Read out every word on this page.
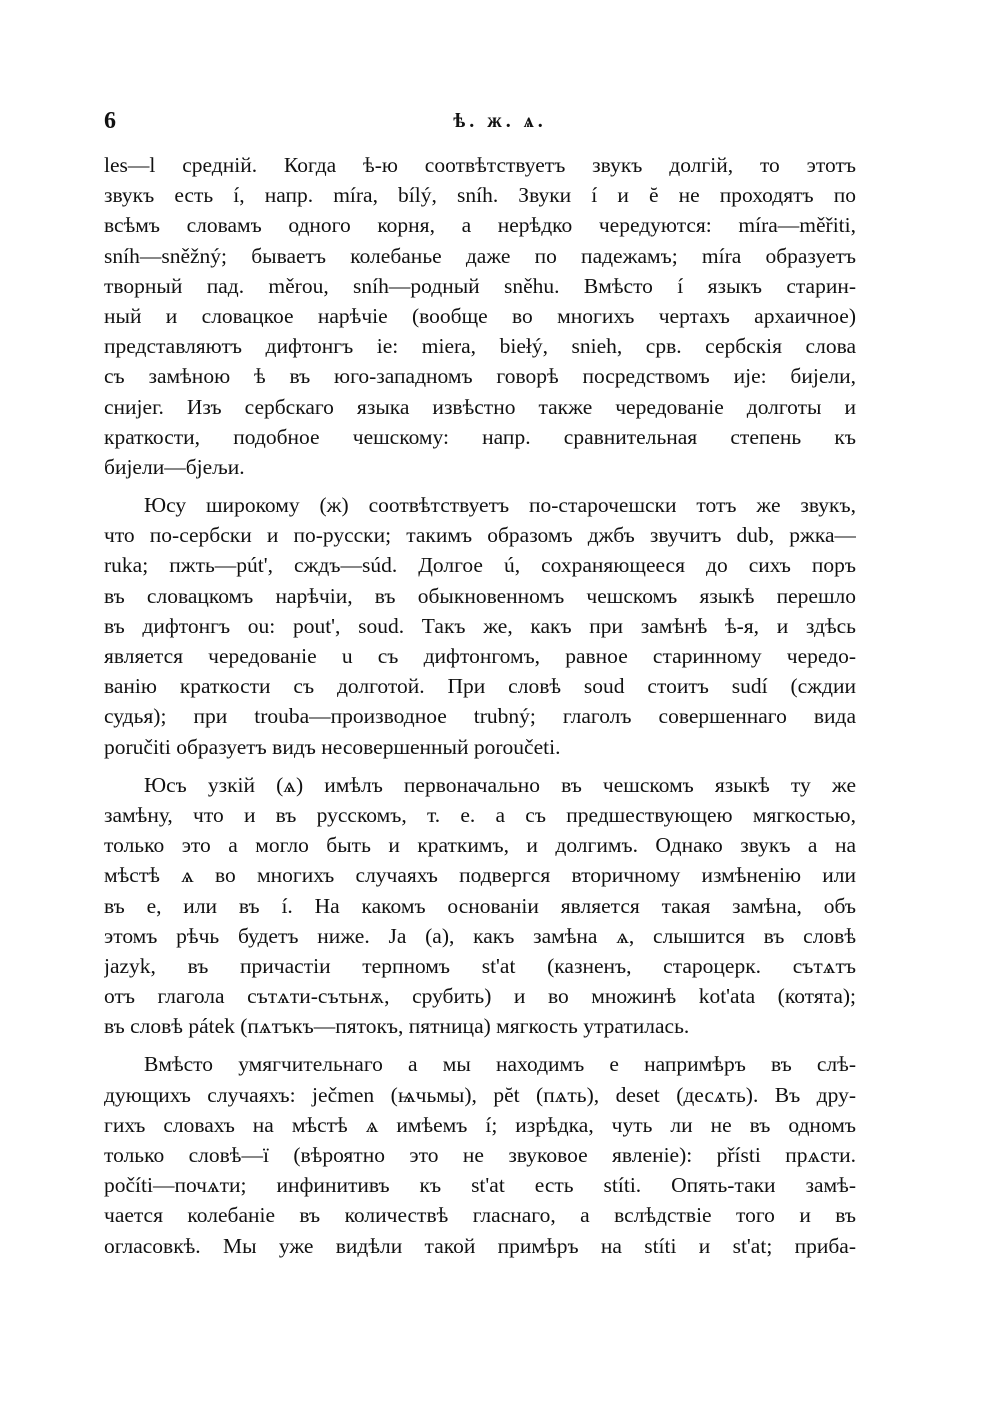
6	ѣ. ж. ѧ.
les—l средній. Когда ѣ-ю соотвѣтствуетъ звукъ долгій, то этотъ
звукъ есть í, напр. míra, bílý, sníh. Звуки í и ĕ не проходятъ по
всѣмъ словамъ одного корня, а нерѣдко чередуются: míra—měřiti,
sníh—sněžný; бываетъ колебанье даже по падежамъ; míra образуетъ
творный пад. měrou, sníh—родный sněhu. Вмѣсто í языкъ старин-
ный и словацкое нарѣчіе (вообще во многихъ чертахъ архаичное)
представляютъ дифтонгъ ie: miera, biełý, snieh, срв. сербскія слова
съ замѣною ѣ въ юго-западномъ говорѣ посредствомъ ије: бијели,
снијег. Изъ сербскаго языка извѣстно также чередованіе долготы и
краткости, подобное чешскому: напр. сравнительная степень къ
бијели—бјељи.
Юсу широкому (ж) соотвѣтствуетъ по-старочешски тотъ же звукъ,
что по-сербски и по-русски; такимъ образомъ джбъ звучитъ dub, ржка—
ruka; пжть—pút', сждъ—súd. Долгое ú, сохраняющееся до сихъ поръ
въ словацкомъ нарѣчіи, въ обыкновенномъ чешскомъ языкѣ перешло
въ дифтонгъ ou: pout', soud. Такъ же, какъ при замѣнѣ ѣ-я, и здѣсь
является чередованіе u съ дифтонгомъ, равное старинному чередо-
ванію краткости съ долготой. При словѣ soud стоитъ sudí (сждии
судья); при trouba—производное trubný; глаголъ совершеннаго вида
poručiti образуетъ видъ несовершенный poroučeti.
Юсъ узкій (ѧ) имѣлъ первоначально въ чешскомъ языкѣ ту же
замѣну, что и въ русскомъ, т. е. а съ предшествующею мягкостью,
только это а могло быть и краткимъ, и долгимъ. Однако звукъ а на
мѣстѣ ѧ во многихъ случаяхъ подвергся вторичному измѣненію или
въ e, или въ í. На какомъ основаніи является такая замѣна, объ
этомъ рѣчь будетъ ниже. Ja (a), какъ замѣна ѧ, слышится въ словѣ
jazyk, въ причастіи терпномъ st'at (казненъ, староцерк. сътѧтъ
отъ глагола сътѧти-сътьнѫ, срубить) и во множинѣ kot'ata (котята);
въ словѣ pátek (пѧтъкъ—пятокъ, пятница) мягкость утратилась.
Вмѣсто умягчительнаго а мы находимъ е напримѣръ въ слѣ-
дующихъ случаяхъ: ječmen (ѩчьмы), pĕt (пѧть), deset (десѧть). Въ дру-
гихъ словахъ на мѣстѣ ѧ имѣемъ í; изрѣдка, чуть ли не въ одномъ
только словѣ—ï (вѣроятно это не звуковое явленіе): přísti прѧсти.
počíti—почѧти; инфинитивъ къ st'at есть stíti. Опять-таки замѣ-
чается колебаніе въ количествѣ гласнаго, а вслѣдствіе того и въ
огласовкѣ. Мы уже видѣли такой примѣръ на stíti и st'at; приба-
